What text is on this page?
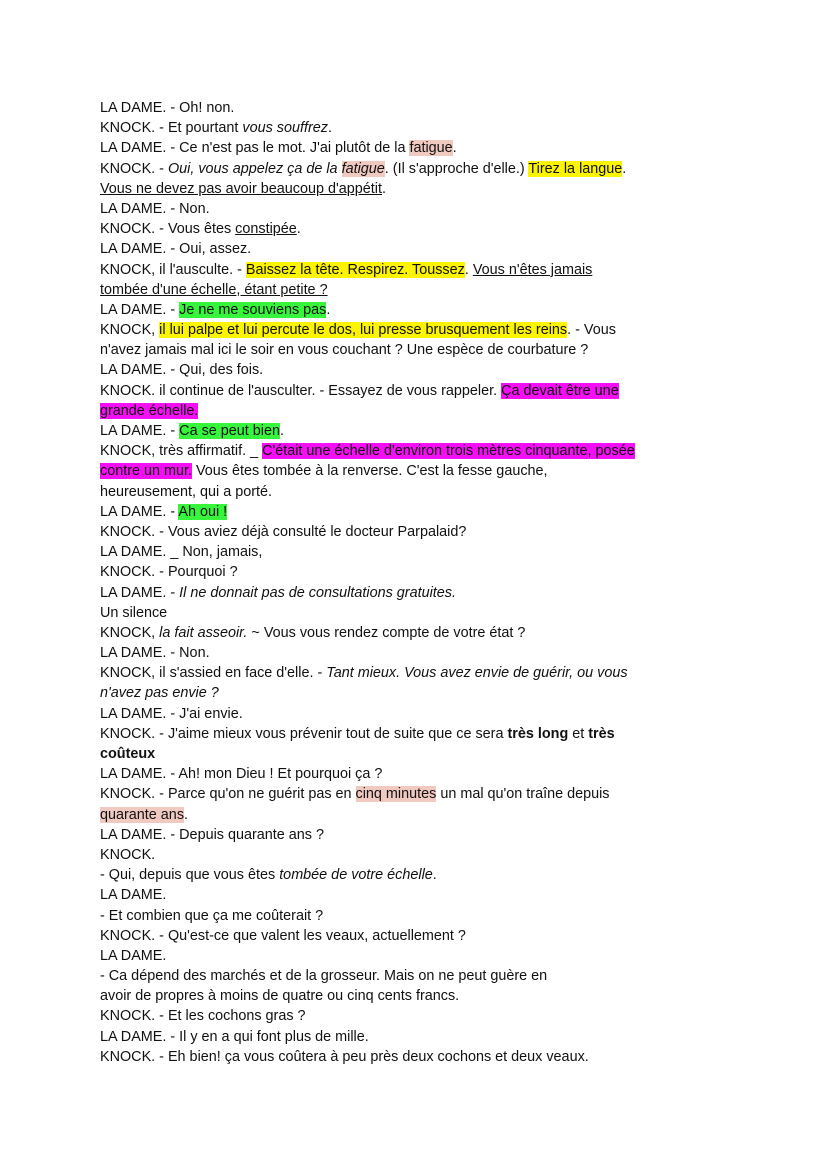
LA DAME. - Oh! non.
KNOCK. - Et pourtant vous souffrez.
LA DAME. - Ce n'est pas le mot. J'ai plutôt de la fatigue.
KNOCK. - Oui, vous appelez ça de la fatigue. (Il s'approche d'elle.) Tirez la langue.
Vous ne devez pas avoir beaucoup d'appétit.
LA DAME. - Non.
KNOCK. - Vous êtes constipée.
LA DAME. - Oui, assez.
KNOCK, il l'ausculte. - Baissez la tête. Respirez. Toussez. Vous n'êtes jamais
tombée d'une échelle, étant petite ?
LA DAME. - Je ne me souviens pas.
KNOCK, il lui palpe et lui percute le dos, lui presse brusquement les reins. - Vous
n'avez jamais mal ici le soir en vous couchant ? Une espèce de courbature ?
LA DAME. - Qui, des fois.
KNOCK. il continue de l'ausculter. - Essayez de vous rappeler. Ça devait être une
grande échelle.
LA DAME. - Ca se peut bien.
KNOCK, très affirmatif. _ C'était une échelle d'environ trois mètres cinquante, posée
contre un mur. Vous êtes tombée à la renverse. C'est la fesse gauche,
heureusement, qui a porté.
LA DAME. - Ah oui !
KNOCK. - Vous aviez déjà consulté le docteur Parpalaid?
LA DAME. _ Non, jamais,
KNOCK. - Pourquoi ?
LA DAME. - Il ne donnait pas de consultations gratuites.
Un silence
KNOCK, la fait asseoir. ~ Vous vous rendez compte de votre état ?
LA DAME. - Non.
KNOCK, il s'assied en face d'elle. - Tant mieux. Vous avez envie de guérir, ou vous
n'avez pas envie ?
LA DAME. - J'ai envie.
KNOCK. - J'aime mieux vous prévenir tout de suite que ce sera très long et très
coûteux
LA DAME. - Ah! mon Dieu ! Et pourquoi ça ?
KNOCK. - Parce qu'on ne guérit pas en cinq minutes un mal qu'on traîne depuis
quarante ans.
LA DAME. - Depuis quarante ans ?
KNOCK.
- Qui, depuis que vous êtes tombée de votre échelle.
LA DAME.
- Et combien que ça me coûterait ?
KNOCK. - Qu'est-ce que valent les veaux, actuellement ?
LA DAME.
- Ca dépend des marchés et de la grosseur. Mais on ne peut guère en
avoir de propres à moins de quatre ou cinq cents francs.
KNOCK. - Et les cochons gras ?
LA DAME. - Il y en a qui font plus de mille.
KNOCK. - Eh bien! ça vous coûtera à peu près deux cochons et deux veaux.
